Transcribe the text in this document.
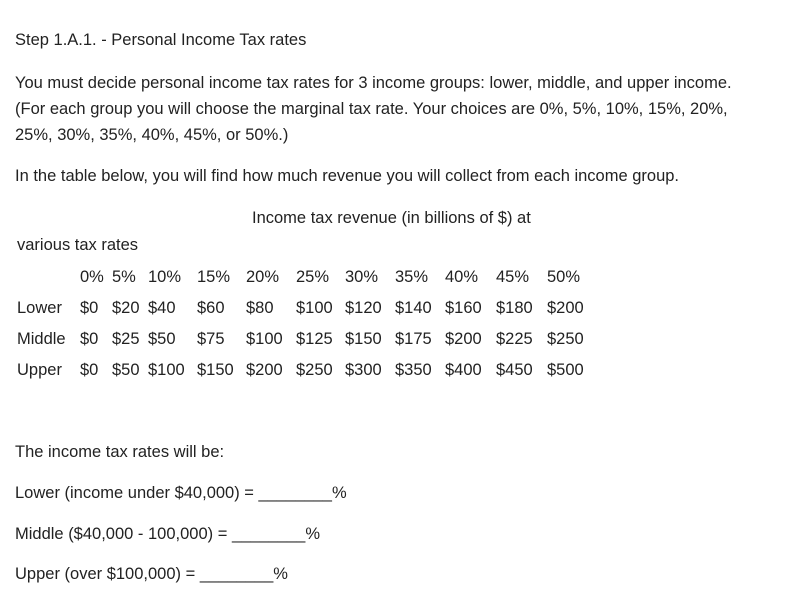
Step 1.A.1. - Personal Income Tax rates
You must decide personal income tax rates for 3 income groups: lower, middle, and upper income.
(For each group you will choose the marginal tax rate. Your choices are 0%, 5%, 10%, 15%, 20%,
25%, 30%, 35%, 40%, 45%, or 50%.)
In the table below, you will find how much revenue you will collect from each income group.
Income tax revenue (in billions of $) at
various tax rates
0% 5% 10% 15% 20% 25% 30% 35% 40% 45% 50%
Lower $0 $20 $40 $60 $80 $100 $120 $140 $160 $180 $200
Middle $0 $25 $50 $75 $100 $125 $150 $175 $200 $225 $250
Upper $0 $50 $100 $150 $200 $250 $300 $350 $400 $450 $500
The income tax rates will be:
Lower (income under $40,000) = ________%
Middle ($40,000 - 100,000) = ________%
Upper (over $100,000) = ________%
